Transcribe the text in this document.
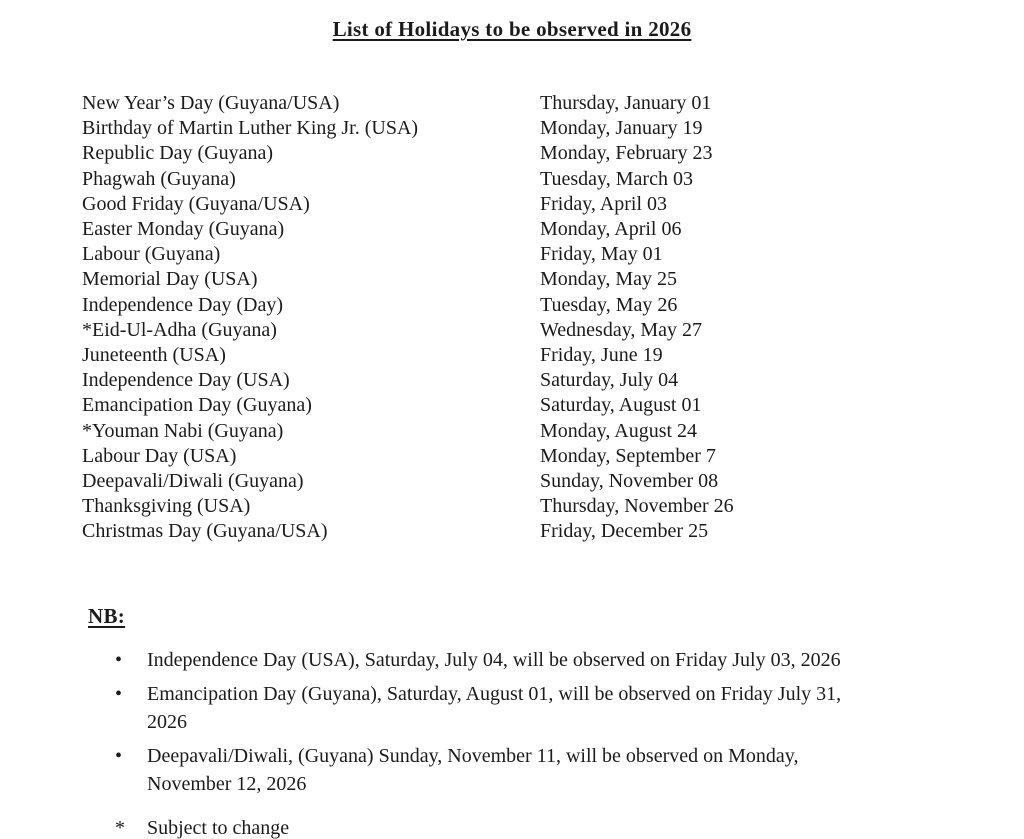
List of Holidays to be observed in 2026
New Year’s Day (Guyana/USA)	Thursday, January 01
Birthday of Martin Luther King Jr. (USA)	Monday, January 19
Republic Day (Guyana)	Monday, February 23
Phagwah (Guyana)	Tuesday, March 03
Good Friday (Guyana/USA)	Friday, April 03
Easter Monday (Guyana)	Monday, April 06
Labour (Guyana)	Friday, May 01
Memorial Day (USA)	Monday, May 25
Independence Day (Day)	Tuesday, May 26
*Eid-Ul-Adha (Guyana)	Wednesday, May 27
Juneteenth (USA)	Friday, June 19
Independence Day (USA)	Saturday, July 04
Emancipation Day (Guyana)	Saturday, August 01
*Youman Nabi (Guyana)	Monday, August 24
Labour Day (USA)	Monday, September 7
Deepavali/Diwali (Guyana)	Sunday, November 08
Thanksgiving (USA)	Thursday, November 26
Christmas Day (Guyana/USA)	Friday, December 25
NB:
•	Independence Day (USA), Saturday, July 04, will be observed on Friday July 03, 2026
•	Emancipation Day (Guyana), Saturday, August 01, will be observed on Friday July 31,
2026
•	Deepavali/Diwali, (Guyana) Sunday, November 11, will be observed on Monday,
November 12, 2026
*	Subject to change
